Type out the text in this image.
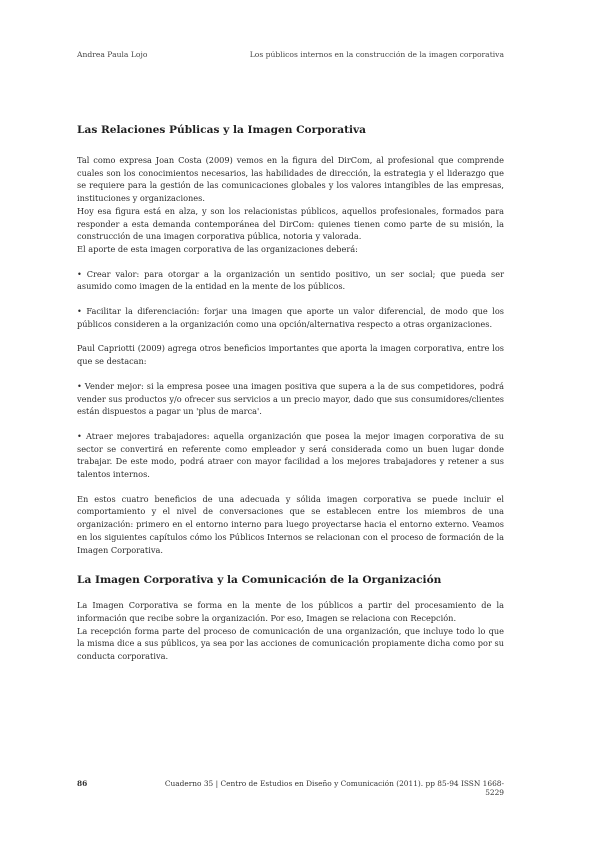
Andrea Paula Lojo	Los públicos internos en la construcción de la imagen corporativa
Las Relaciones Públicas y la Imagen Corporativa

Tal como expresa Joan Costa (2009) vemos en la figura del DirCom, al profesional que comprende cuales son los conocimientos necesarios, las habilidades de dirección, la estrategia y el liderazgo que se requiere para la gestión de las comunicaciones globales y los valores intangibles de las empresas, instituciones y organizaciones.

Hoy esa figura está en alza, y son los relacionistas públicos, aquellos profesionales, formados para responder a esta demanda contemporánea del DirCom: quienes tienen como parte de su misión, la construcción de una imagen corporativa pública, notoria y valorada.

El aporte de esta imagen corporativa de las organizaciones deberá:

• Crear valor: para otorgar a la organización un sentido positivo, un ser social; que pueda ser asumido como imagen de la entidad en la mente de los públicos.

• Facilitar la diferenciación: forjar una imagen que aporte un valor diferencial, de modo que los públicos consideren a la organización como una opción/alternativa respecto a otras organizaciones.

Paul Capriotti (2009) agrega otros beneficios importantes que aporta la imagen corporativa, entre los que se destacan:

• Vender mejor: si la empresa posee una imagen positiva que supera a la de sus competidores, podrá vender sus productos y/o ofrecer sus servicios a un precio mayor, dado que sus consumidores/clientes están dispuestos a pagar un 'plus de marca'.

• Atraer mejores trabajadores: aquella organización que posea la mejor imagen corporativa de su sector se convertirá en referente como empleador y será considerada como un buen lugar donde trabajar. De este modo, podrá atraer con mayor facilidad a los mejores trabajadores y retener a sus talentos internos.

En estos cuatro beneficios de una adecuada y sólida imagen corporativa se puede incluir el comportamiento y el nivel de conversaciones que se establecen entre los miembros de una organización: primero en el entorno interno para luego proyectarse hacia el entorno externo. Veamos en los siguientes capítulos cómo los Públicos Internos se relacionan con el proceso de formación de la Imagen Corporativa.

La Imagen Corporativa y la Comunicación de la Organización

La Imagen Corporativa se forma en la mente de los públicos a partir del procesamiento de la información que recibe sobre la organización. Por eso, Imagen se relaciona con Recepción.

La recepción forma parte del proceso de comunicación de una organización, que incluye todo lo que la misma dice a sus públicos, ya sea por las acciones de comunicación propiamente dicha como por su conducta corporativa.

86	Cuaderno 35 | Centro de Estudios en Diseño y Comunicación (2011). pp 85-94 ISSN 1668-5229
